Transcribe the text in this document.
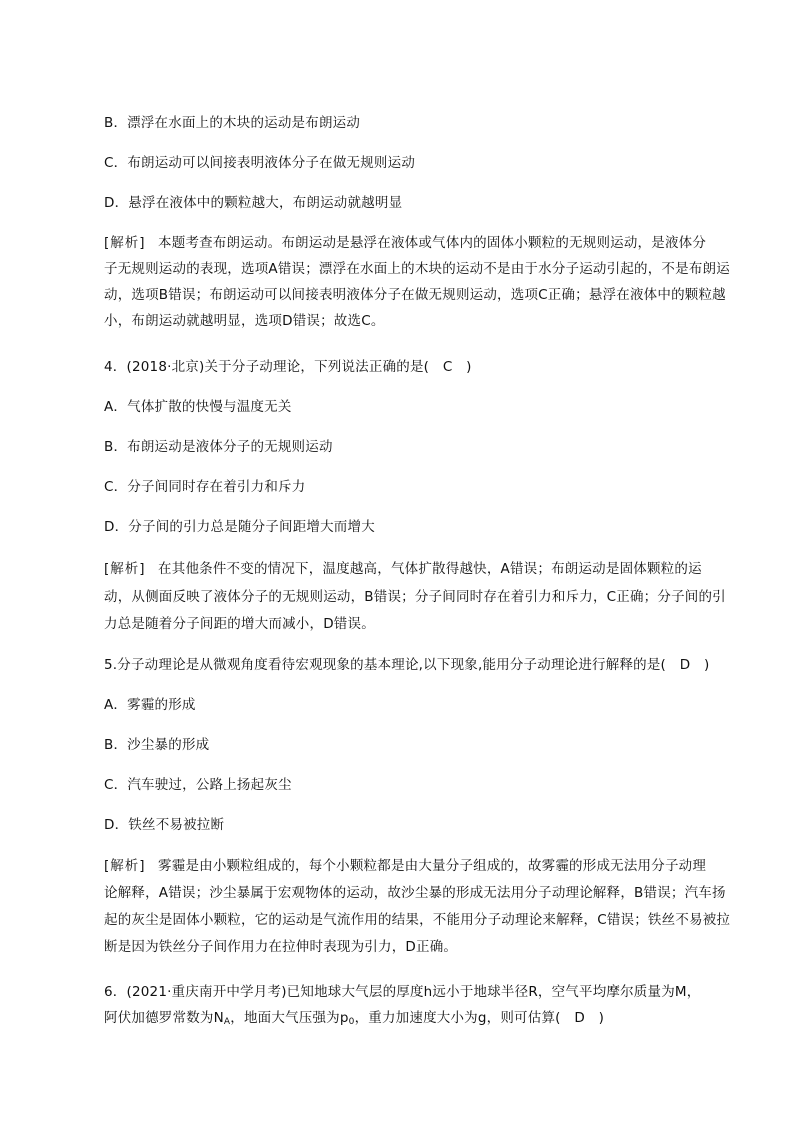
B．漂浮在水面上的木块的运动是布朗运动
C．布朗运动可以间接表明液体分子在做无规则运动
D．悬浮在液体中的颗粒越大，布朗运动就越明显
[解析] 本题考查布朗运动。布朗运动是悬浮在液体或气体内的固体小颗粒的无规则运动，是液体分
子无规则运动的表现，选项A错误；漂浮在水面上的木块的运动不是由于水分子运动引起的，不是布朗运
动，选项B错误；布朗运动可以间接表明液体分子在做无规则运动，选项C正确；悬浮在液体中的颗粒越
小，布朗运动就越明显，选项D错误；故选C。
4．(2018·北京)关于分子动理论，下列说法正确的是(　C　)
A．气体扩散的快慢与温度无关
B．布朗运动是液体分子的无规则运动
C．分子间同时存在着引力和斥力
D．分子间的引力总是随分子间距增大而增大
[解析] 在其他条件不变的情况下，温度越高，气体扩散得越快，A错误；布朗运动是固体颗粒的运
动，从侧面反映了液体分子的无规则运动，B错误；分子间同时存在着引力和斥力，C正确；分子间的引
力总是随着分子间距的增大而减小，D错误。
5.分子动理论是从微观角度看待宏观现象的基本理论,以下现象,能用分子动理论进行解释的是(　D　)
A．雾霾的形成
B．沙尘暴的形成
C．汽车驶过，公路上扬起灰尘
D．铁丝不易被拉断
[解析] 雾霾是由小颗粒组成的，每个小颗粒都是由大量分子组成的，故雾霾的形成无法用分子动理
论解释，A错误；沙尘暴属于宏观物体的运动，故沙尘暴的形成无法用分子动理论解释，B错误；汽车扬
起的灰尘是固体小颗粒，它的运动是气流作用的结果，不能用分子动理论来解释，C错误；铁丝不易被拉
断是因为铁丝分子间作用力在拉伸时表现为引力，D正确。
6．(2021·重庆南开中学月考)已知地球大气层的厚度h远小于地球半径R，空气平均摩尔质量为M，
阿伏加德罗常数为$N_A$，地面大气压强为$p_0$，重力加速度大小为g，则可估算(　D　)
